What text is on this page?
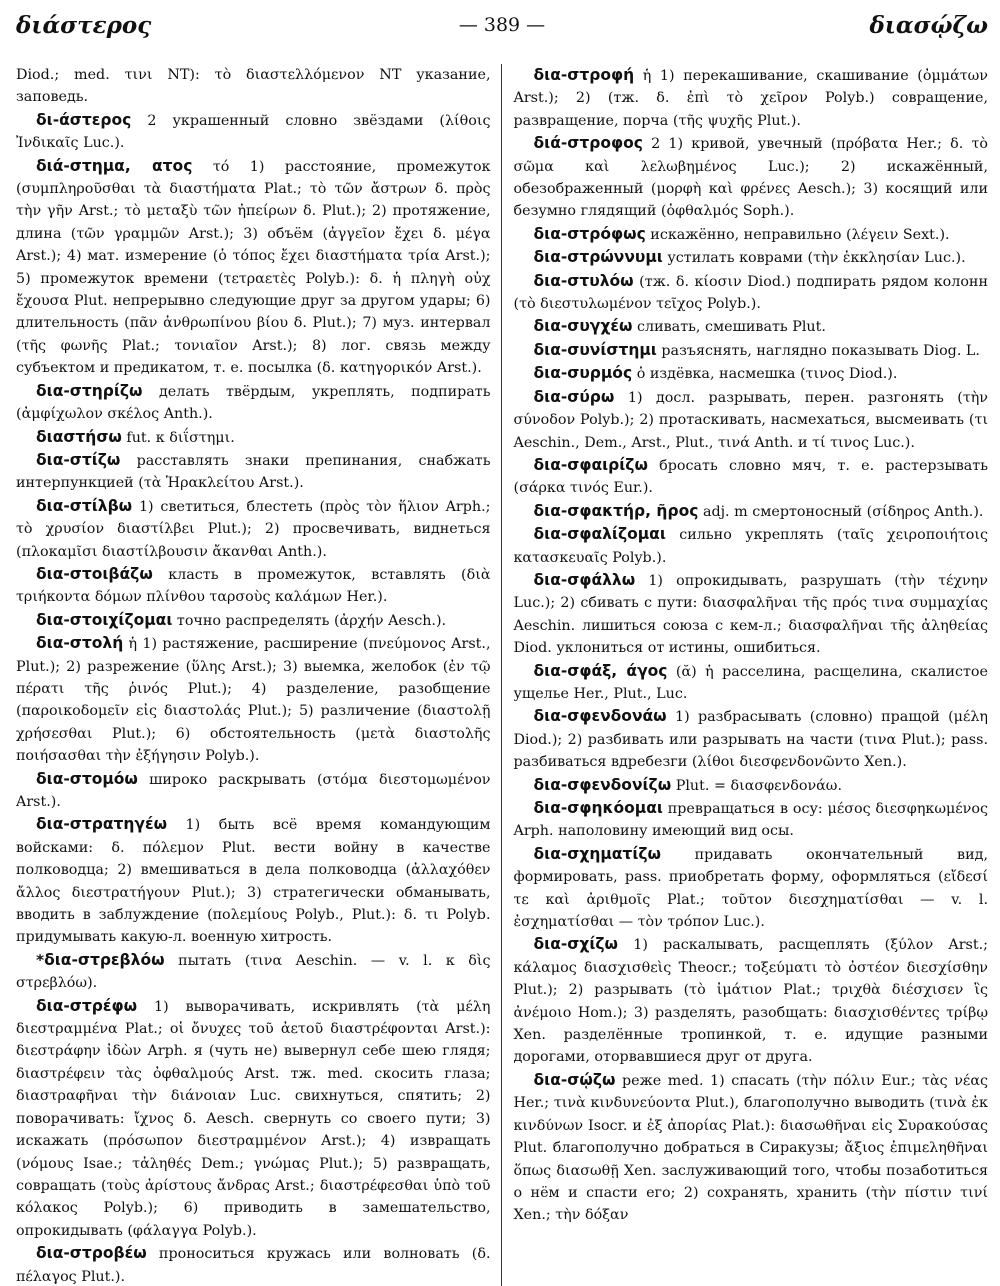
διάστερος	— 389 —	διασῴζω

Diod.; med. τινι NT): τὸ διαστελλόμενον NT указание, заповедь.

δι-άστερος 2 украшенный словно звёздами (λίθοις Ἰνδικαῖς Luc.).

διά-στημα, ατος τό 1) расстояние, промежуток (συμπληροῦσθαι τὰ διαστήματα Plat.; τὸ τῶν ἄστρων δ. πρὸς τὴν γῆν Arst.; τὸ μεταξὺ τῶν ἠπείρων δ. Plut.); 2) протяжение, длина (τῶν γραμμῶν Arst.); 3) объём (ἀγγεῖον ἔχει δ. μέγα Arst.); 4) мат. измерение (ὁ τόπος ἔχει διαστήματα τρία Arst.); 5) промежуток времени (τετραετὲς Polyb.): δ. ἡ πληγὴ οὐχ ἔχουσα Plut. непрерывно следующие друг за другом удары; 6) длительность (πᾶν ἀνθρωπίνου βίου δ. Plut.); 7) муз. интервал (τῆς φωνῆς Plat.; τονιαῖον Arst.); 8) лог. связь между субъектом и предикатом, т. е. посылка (δ. κατηγορικόν Arst.).

δια-στηρίζω делать твёрдым, укреплять, подпирать (ἀμφίχωλον σκέλος Anth.).

διαστήσω fut. к διΐστημι.

δια-στίζω расставлять знаки препинания, снабжать интерпункцией (τὰ Ἡρακλείτου Arst.).

δια-στίλβω 1) светиться, блестеть (πρὸς τὸν ἥλιον Arph.; τὸ χρυσίον διαστίλβει Plut.); 2) просвечивать, виднеться (πλοκαμῖσι διαστίλβουσιν ἄκανθαι Anth.).

δια-στοιβάζω класть в промежуток, вставлять (διὰ τριήκοντα δόμων πλίνθου ταρσοὺς καλάμων Her.).

δια-στοιχίζομαι точно распределять (ἀρχήν Aesch.).

δια-στολή ἡ 1) растяжение, расширение (πνεύμονος Arst., Plut.); 2) разрежение (ὕλης Arst.); 3) выемка, желобок (ἐν τῷ πέρατι τῆς ῥινός Plut.); 4) разделение, разобщение (παροικοδομεῖν εἰς διαστολάς Plut.); 5) различение (διαστολῇ χρήσεσθαι Plut.); 6) обстоятельность (μετὰ διαστολῆς ποιήσασθαι τὴν ἐξήγησιν Polyb.).

δια-στομόω широко раскрывать (στόμα διεστομωμένον Arst.).

δια-στρατηγέω 1) быть всё время командующим войсками: δ. πόλεμον Plut. вести войну в качестве полководца; 2) вмешиваться в дела полководца (ἀλλαχόθεν ἄλλος διεστρατήγουν Plut.); 3) стратегически обманывать, вводить в заблуждение (πολεμίους Polyb., Plut.): δ. τι Polyb. придумывать какую-л. военную хитрость.

*δια-στρεβλόω пытать (τινα Aeschin. — v. l. к δὶς στρεβλόω).

δια-στρέφω 1) выворачивать, искривлять (τὰ μέλη διεστραμμένα Plat.; οἱ ὄνυχες τοῦ ἀετοῦ διαστρέφονται Arst.): διεστράφην ἰδὼν Arph. я (чуть не) вывернул себе шею глядя; διαστρέφειν τὰς ὀφθαλμούς Arst. тж. med. скосить глаза; διαστραφῆναι τὴν διάνοιαν Luc. свихнуться, спятить; 2) поворачивать: ἴχνος δ. Aesch. свернуть со своего пути; 3) искажать (πρόσωπον διεστραμμένον Arst.); 4) извращать (νόμους Isae.; τἀληθές Dem.; γνώμας Plut.); 5) развращать, совращать (τοὺς ἀρίστους ἄνδρας Arst.; διαστρέφεσθαι ὑπὸ τοῦ κόλακος Polyb.); 6) приводить в замешательство, опрокидывать (φάλαγγα Polyb.).

δια-στροβέω проноситься кружась или волновать (δ. πέλαγος Plut.).

δια-στροφή ἡ 1) перекашивание, скашивание (ὀμμάτων Arst.); 2) (тж. δ. ἐπὶ τὸ χεῖρον Polyb.) совращение, развращение, порча (τῆς ψυχῆς Plut.).

διά-στροφος 2 1) кривой, увечный (πρόβατα Her.; δ. τὸ σῶμα καὶ λελωβημένος Luc.); 2) искажённый, обезображенный (μορφὴ καὶ φρένες Aesch.); 3) косящий или безумно глядящий (ὀφθαλμός Soph.).

δια-στρόφως искажённо, неправильно (λέγειν Sext.).

δια-στρώννυμι устилать коврами (τὴν ἐκκλησίαν Luc.).

δια-στυλόω (тж. δ. κίοσιν Diod.) подпирать рядом колонн (τὸ διεστυλωμένον τεῖχος Polyb.).

δια-συγχέω сливать, смешивать Plut.

δια-συνίστημι разъяснять, наглядно показывать Diog. L.

δια-συρμός ὁ издёвка, насмешка (τινος Diod.).

δια-σύρω 1) досл. разрывать, перен. разгонять (τὴν σύνοδον Polyb.); 2) протаскивать, насмехаться, высмеивать (τι Aeschin., Dem., Arst., Plut., τινά Anth. и τί τινος Luc.).

δια-σφαιρίζω бросать словно мяч, т. е. растерзывать (σάρκα τινός Eur.).

δια-σφακτήρ, ῆρος adj. m смертоносный (σίδηρος Anth.).

δια-σφαλίζομαι сильно укреплять (ταῖς χειροποιήτοις κατασκευαῖς Polyb.).

δια-σφάλλω 1) опрокидывать, разрушать (τὴν τέχνην Luc.); 2) сбивать с пути: διασφαλῆναι τῆς πρός τινα συμμαχίας Aeschin. лишиться союза с кем-л.; διασφαλῆναι τῆς ἀληθείας Diod. уклониться от истины, ошибиться.

δια-σφάξ, άγος (ᾰ) ἡ расселина, расщелина, скалистое ущелье Her., Plut., Luc.

δια-σφενδονάω 1) разбрасывать (словно) пращой (μέλη Diod.); 2) разбивать или разрывать на части (τινα Plut.); pass. разбиваться вдребезги (λίθοι διεσφενδονῶντο Xen.).

δια-σφενδονίζω Plut. = διασφενδονάω.

δια-σφηκόομαι превращаться в осу: μέσος διεσφηκωμένος Arph. наполовину имеющий вид осы.

δια-σχηματίζω придавать окончательный вид, формировать, pass. приобретать форму, оформляться (εἴδεσί τε καὶ ἀριθμοῖς Plat.; τοῦτον διεσχηματίσθαι — v. l. ἐσχηματίσθαι — τὸν τρόπον Luc.).

δια-σχίζω 1) раскалывать, расщеплять (ξύλον Arst.; κάλαμος διασχισθεὶς Theocr.; τοξεύματι τὸ ὀστέον διεσχίσθην Plut.); 2) разрывать (τὸ ἱμάτιον Plat.; τριχθὰ διέσχισεν ἲς ἀνέμοιο Hom.); 3) разделять, разобщать: διασχισθέντες τρίβῳ Xen. разделённые тропинкой, т. е. идущие разными дорогами, оторвавшиеся друг от друга.

δια-σῴζω реже med. 1) спасать (τὴν πόλιν Eur.; τὰς νέας Her.; τινὰ κινδυνεύοντα Plut.), благополучно выводить (τινὰ ἐκ κινδύνων Isocr. и ἐξ ἀπορίας Plat.): διασωθῆναι εἰς Συρακούσας Plut. благополучно добраться в Сиракузы; ἄξιος ἐπιμεληθῆναι ὅπως διασωθῇ Xen. заслуживающий того, чтобы позаботиться о нём и спасти его; 2) сохранять, хранить (τὴν πίστιν τινί Xen.; τὴν δόξαν
